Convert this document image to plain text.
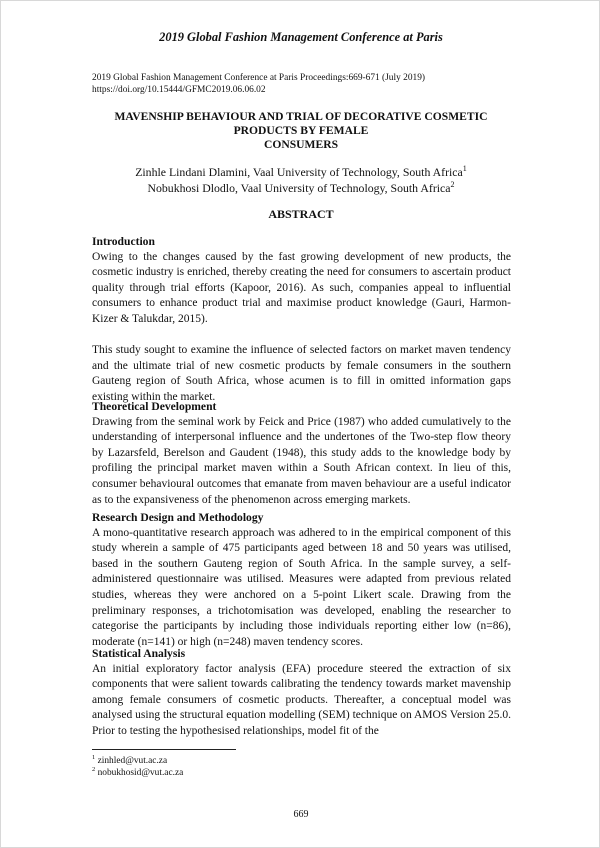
2019 Global Fashion Management Conference at Paris
2019 Global Fashion Management Conference at Paris Proceedings:669-671 (July 2019)
https://doi.org/10.15444/GFMC2019.06.06.02
MAVENSHIP BEHAVIOUR AND TRIAL OF DECORATIVE COSMETIC
PRODUCTS BY FEMALE
CONSUMERS
Zinhle Lindani Dlamini, Vaal University of Technology, South Africa$^1$
Nobukhosi Dlodlo, Vaal University of Technology, South Africa$^2$
ABSTRACT
Introduction

Owing to the changes caused by the fast growing development of new products, the cosmetic industry is enriched, thereby creating the need for consumers to ascertain product quality through trial efforts (Kapoor, 2016). As such, companies appeal to influential consumers to enhance product trial and maximise product knowledge (Gauri, Harmon-Kizer & Talukdar, 2015).

This study sought to examine the influence of selected factors on market maven tendency and the ultimate trial of new cosmetic products by female consumers in the southern Gauteng region of South Africa, whose acumen is to fill in omitted information gaps existing within the market.

Theoretical Development

Drawing from the seminal work by Feick and Price (1987) who added cumulatively to the understanding of interpersonal influence and the undertones of the Two-step flow theory by Lazarsfeld, Berelson and Gaudent (1948), this study adds to the knowledge body by profiling the principal market maven within a South African context. In lieu of this, consumer behavioural outcomes that emanate from maven behaviour are a useful indicator as to the expansiveness of the phenomenon across emerging markets.

Research Design and Methodology

A mono-quantitative research approach was adhered to in the empirical component of this study wherein a sample of 475 participants aged between 18 and 50 years was utilised, based in the southern Gauteng region of South Africa. In the sample survey, a self-administered questionnaire was utilised. Measures were adapted from previous related studies, whereas they were anchored on a 5-point Likert scale. Drawing from the preliminary responses, a trichotomisation was developed, enabling the researcher to categorise the participants by including those individuals reporting either low (n=86), moderate (n=141) or high (n=248) maven tendency scores.

Statistical Analysis

An initial exploratory factor analysis (EFA) procedure steered the extraction of six components that were salient towards calibrating the tendency towards market mavenship among female consumers of cosmetic products. Thereafter, a conceptual model was analysed using the structural equation modelling (SEM) technique on AMOS Version 25.0. Prior to testing the hypothesised relationships, model fit of the

$^1$ zinhled@vut.ac.za
$^2$ nobukhosid@vut.ac.za
669
